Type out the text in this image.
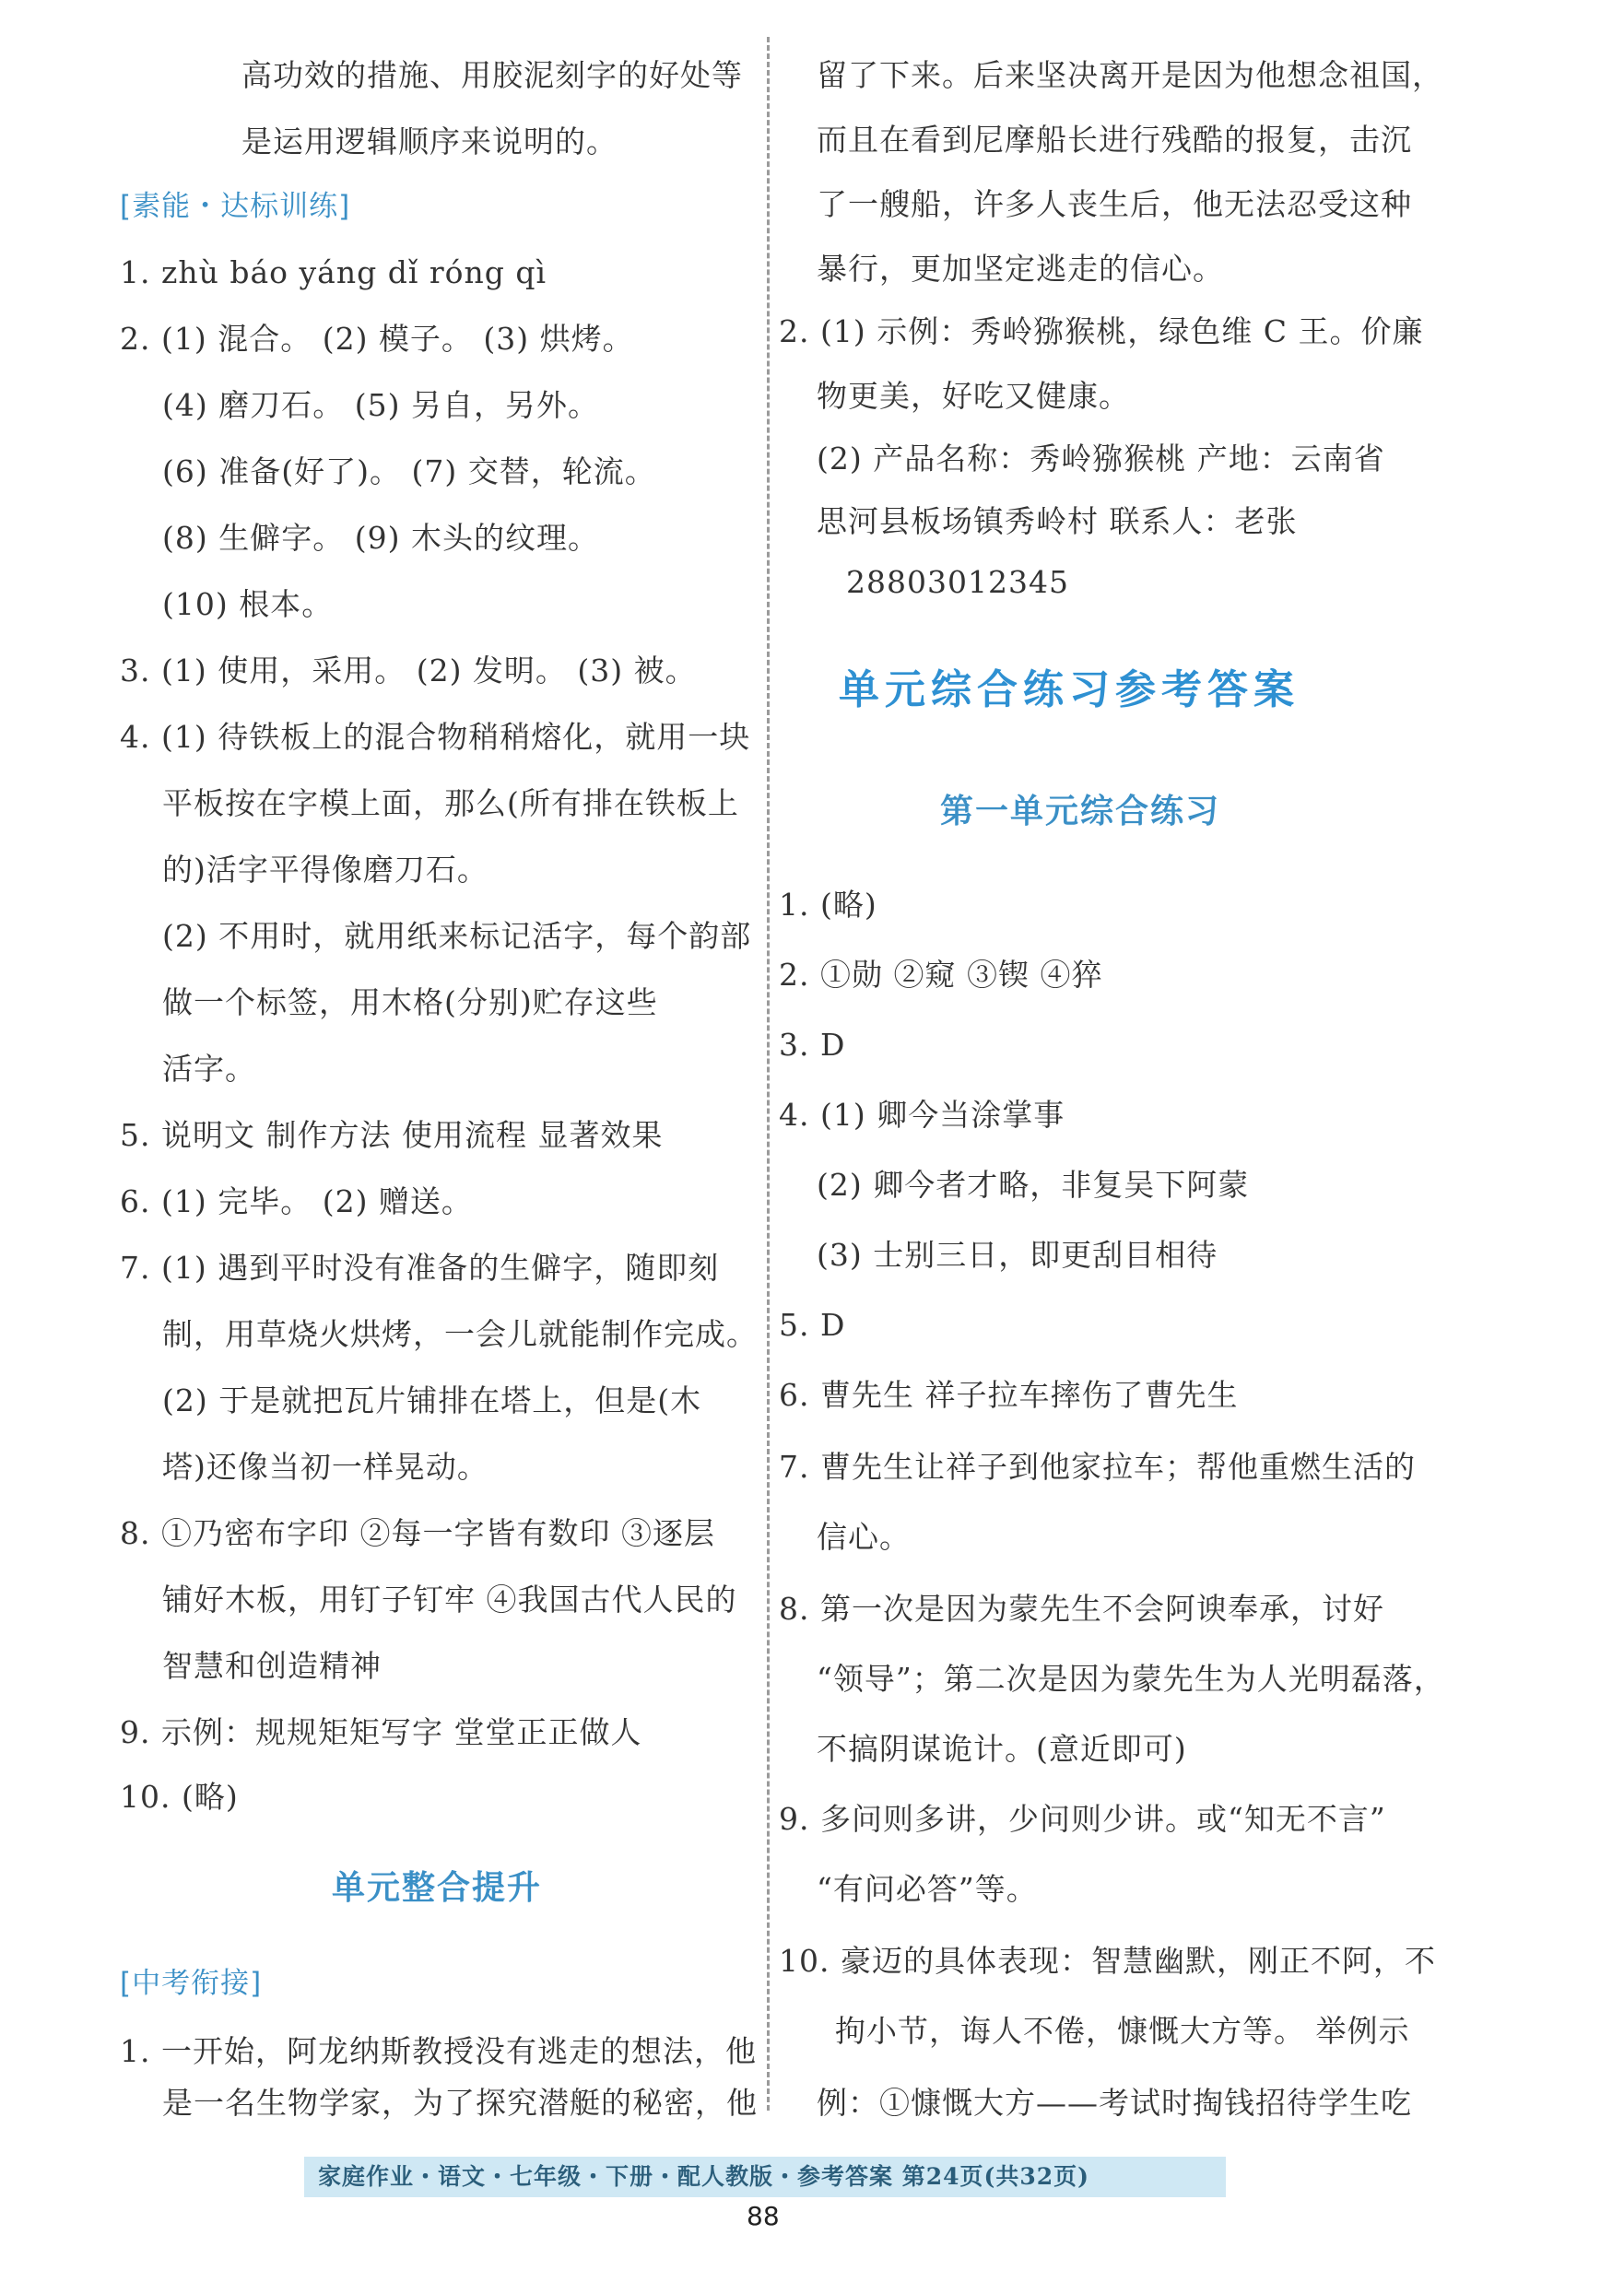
高功效的措施、用胶泥刻字的好处等
是运用逻辑顺序来说明的。
[素能・达标训练]
1. zhù báo yáng dǐ róng qì
2. (1) 混合。 (2) 模子。 (3) 烘烤。
(4) 磨刀石。 (5) 另自，另外。
(6) 准备(好了)。 (7) 交替，轮流。
(8) 生僻字。 (9) 木头的纹理。
(10) 根本。
3. (1) 使用，采用。 (2) 发明。 (3) 被。
4. (1) 待铁板上的混合物稍稍熔化，就用一块
平板按在字模上面，那么(所有排在铁板上
的)活字平得像磨刀石。
(2) 不用时，就用纸来标记活字，每个韵部
做一个标签，用木格(分别)贮存这些
活字。
5. 说明文 制作方法 使用流程 显著效果
6. (1) 完毕。 (2) 赠送。
7. (1) 遇到平时没有准备的生僻字，随即刻
制，用草烧火烘烤，一会儿就能制作完成。
(2) 于是就把瓦片铺排在塔上，但是(木
塔)还像当初一样晃动。
8. ①乃密布字印 ②每一字皆有数印 ③逐层
铺好木板，用钉子钉牢 ④我国古代人民的
智慧和创造精神
9. 示例：规规矩矩写字 堂堂正正做人
10. (略)
单元整合提升
[中考衔接]
1. 一开始，阿龙纳斯教授没有逃走的想法，他
留了下来。后来坚决离开是因为他想念祖国，
而且在看到尼摩船长进行残酷的报复，击沉
了一艘船，许多人丧生后，他无法忍受这种
暴行，更加坚定逃走的信心。
2. (1) 示例：秀岭猕猴桃，绿色维 C 王。价廉
物更美，好吃又健康。
(2) 产品名称：秀岭猕猴桃 产地：云南省
思河县板场镇秀岭村 联系人：老张
28803012345
单元综合练习参考答案
第一单元综合练习
1. (略)
2. ①勋 ②窥 ③锲 ④猝
3. D
4. (1) 卿今当涂掌事
(2) 卿今者才略，非复吴下阿蒙
(3) 士别三日，即更刮目相待
5. D
6. 曹先生 祥子拉车摔伤了曹先生
7. 曹先生让祥子到他家拉车；帮他重燃生活的
信心。
8. 第一次是因为蒙先生不会阿谀奉承，讨好
“领导”；第二次是因为蒙先生为人光明磊落，
不搞阴谋诡计。(意近即可)
9. 多问则多讲，少问则少讲。或“知无不言”
“有问必答”等。
10. 豪迈的具体表现：智慧幽默，刚正不阿，不
拘小节，诲人不倦，慷慨大方等。 举例示
例：①慷慨大方——考试时掏钱招待学生吃
是一名生物学家，为了探究潜艇的秘密，他
家庭作业・语文・七年级・下册・配人教版・参考答案 第24页(共32页)
88
